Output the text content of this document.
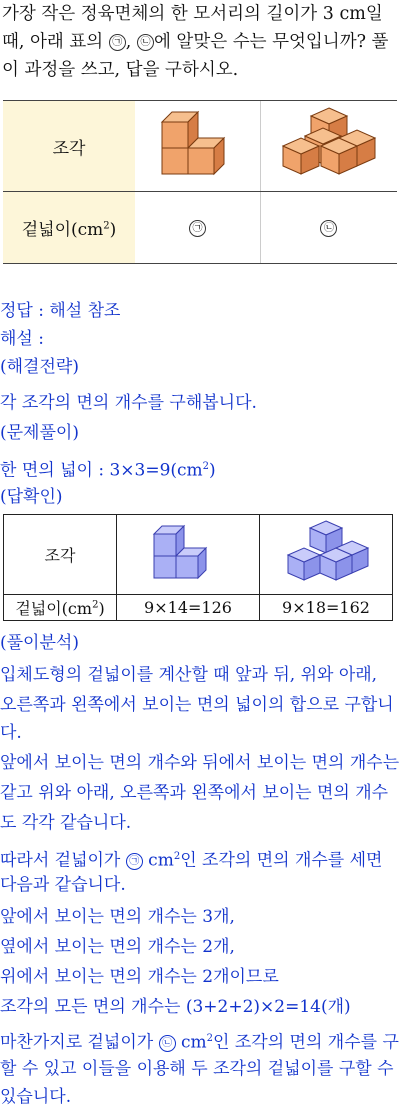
가장 작은 정육면체의 한 모서리의 길이가 3 cm일
때, 아래 표의 ㉠ , ㉡ 에 알맞은 수는 무엇입니까? 풀
이 과정을 쓰고, 답을 구하시오.
조각		
겉넓이$(cm^2)$	㉠	㉡
정답 : 해설 참조
해설 :
(해결전략)
각 조각의 면의 개수를 구해봅니다.
(문제풀이)
한 면의 넓이 : $3\times 3=9(cm^2)$
(답확인)
조각		
겉넓이$(cm^2)$	9×14=126	9×18=162
(풀이분석)
입체도형의 겉넓이를 계산할 때 앞과 뒤, 위와 아래,
오른쪽과 왼쪽에서 보이는 면의 넓이의 합으로 구합니
다.
앞에서 보이는 면의 개수와 뒤에서 보이는 면의 개수는
같고 위와 아래, 오른쪽과 왼쪽에서 보이는 면의 개수
도 각각 같습니다.
따라서 겉넓이가 ㉠ $cm^2$인 조각의 면의 개수를 세면
다음과 같습니다.
앞에서 보이는 면의 개수는 3개,
옆에서 보이는 면의 개수는 2개,
위에서 보이는 면의 개수는 2개이므로
조각의 모든 면의 개수는 (3+2+2)×2=14(개)
마찬가지로 겉넓이가 ㉡ $cm^2$인 조각의 면의 개수를 구
할 수 있고 이들을 이용해 두 조각의 겉넓이를 구할 수
있습니다.
